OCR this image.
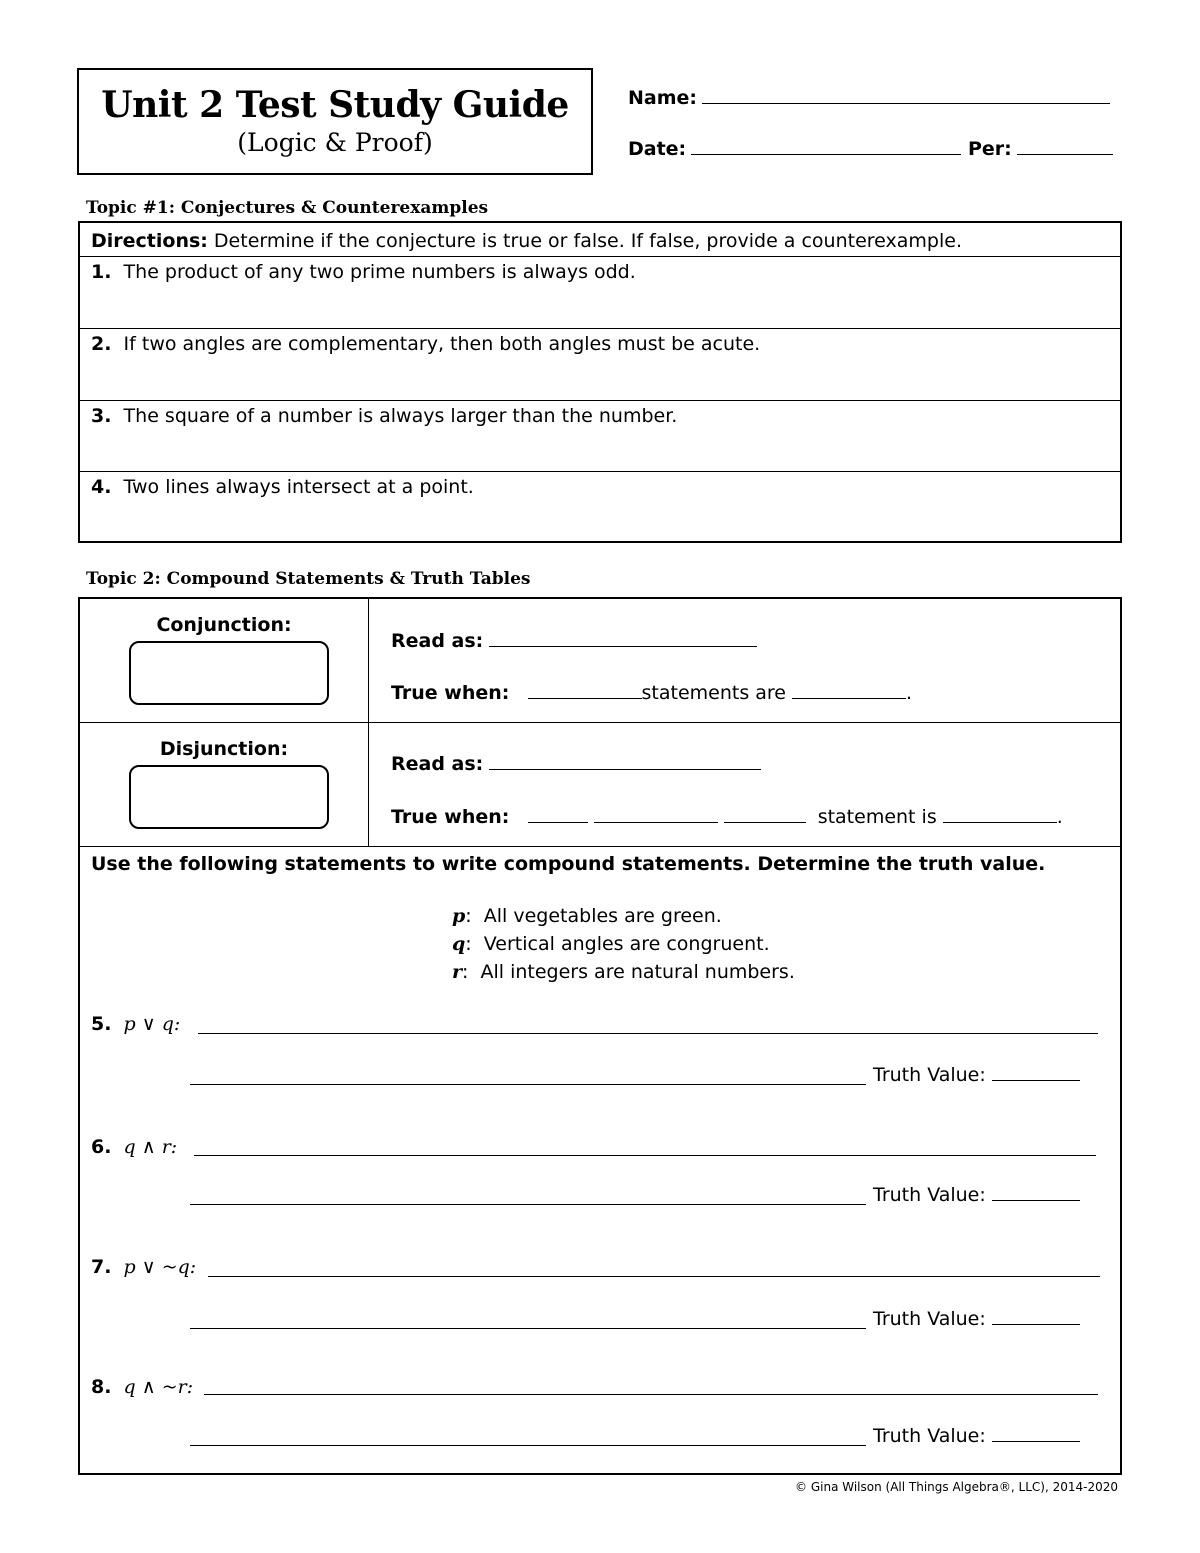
Unit 2 Test Study Guide
(Logic & Proof)
Name:
Date:	Per:
Topic #1: Conjectures & Counterexamples
Directions: Determine if the conjecture is true or false. If false, provide a counterexample.
1. The product of any two prime numbers is always odd.
2. If two angles are complementary, then both angles must be acute.
3. The square of a number is always larger than the number.
4. Two lines always intersect at a point.
Topic 2: Compound Statements & Truth Tables
Conjunction:
Read as:
True when:	statements are	.
Disjunction:
Read as:
True when:	statement is	.
Use the following statements to write compound statements. Determine the truth value.
p:  All vegetables are green.
q:  Vertical angles are congruent.
r:  All integers are natural numbers.
5. p ∨ q:
Truth Value:
6. q ∧ r:
Truth Value:
7. p ∨ ~q:
Truth Value:
8. q ∧ ~r:
Truth Value:
© Gina Wilson (All Things Algebra®, LLC), 2014-2020
